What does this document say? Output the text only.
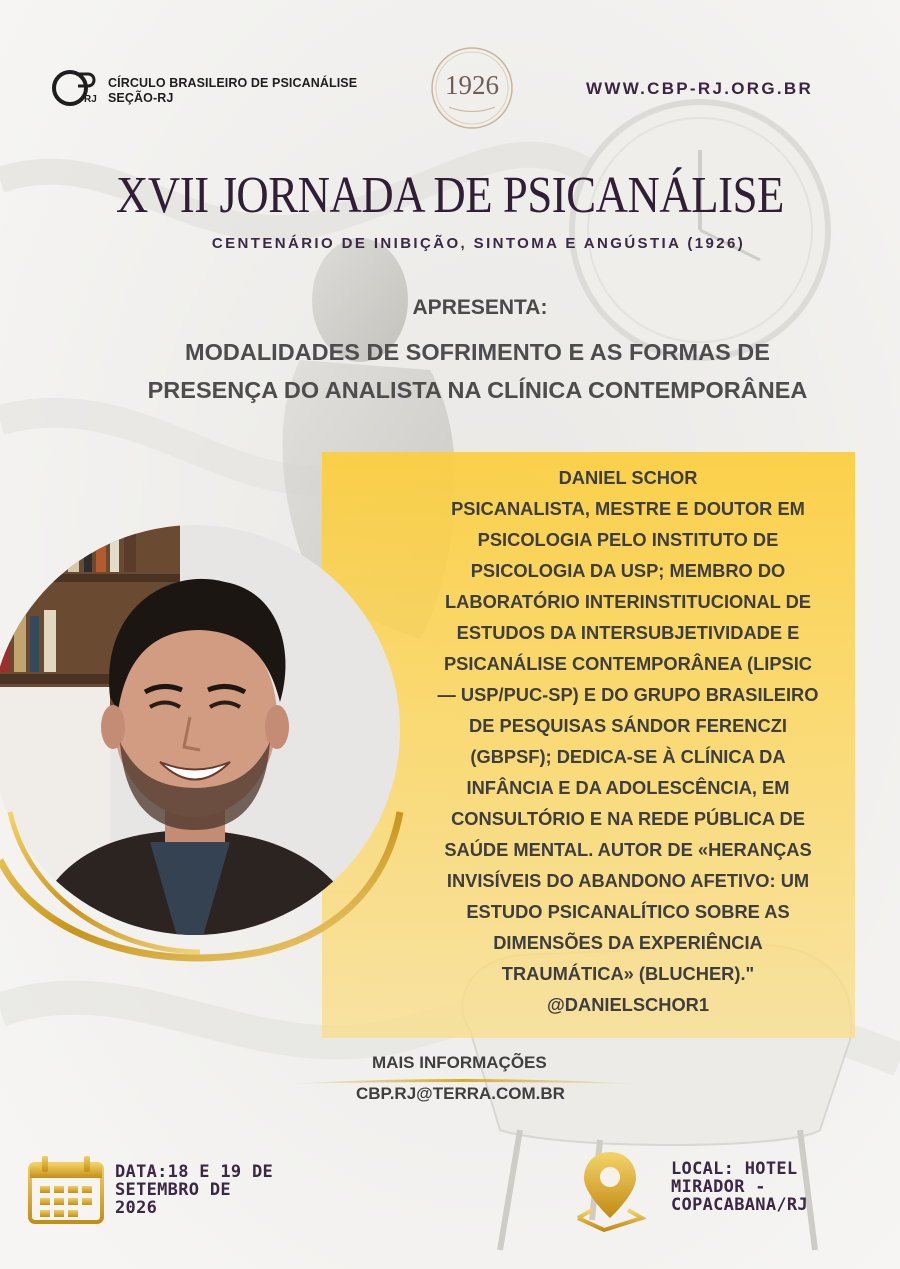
RJ
CÍRCULO BRASILEIRO DE PSICANÁLISE
SEÇÃO-RJ	1926	WWW.CBP-RJ.ORG.BR
XVII JORNADA DE PSICANÁLISE
CENTENÁRIO DE INIBIÇÃO, SINTOMA E ANGÚSTIA (1926)
APRESENTA:
MODALIDADES DE SOFRIMENTO E AS FORMAS DE
PRESENÇA DO ANALISTA NA CLÍNICA CONTEMPORÂNEA
DANIEL SCHOR
PSICANALISTA, MESTRE E DOUTOR EM
PSICOLOGIA PELO INSTITUTO DE
PSICOLOGIA DA USP; MEMBRO DO
LABORATÓRIO INTERINSTITUCIONAL DE
ESTUDOS DA INTERSUBJETIVIDADE E
PSICANÁLISE CONTEMPORÂNEA (LIPSIC
— USP/PUC-SP) E DO GRUPO BRASILEIRO
DE PESQUISAS SÁNDOR FERENCZI
(GBPSF); DEDICA-SE À CLÍNICA DA
INFÂNCIA E DA ADOLESCÊNCIA, EM
CONSULTÓRIO E NA REDE PÚBLICA DE
SAÚDE MENTAL. AUTOR DE «HERANÇAS
INVISÍVEIS DO ABANDONO AFETIVO: UM
ESTUDO PSICANALÍTICO SOBRE AS
DIMENSÕES DA EXPERIÊNCIA
TRAUMÁTICA» (BLUCHER)."
@DANIELSCHOR1
MAIS INFORMAÇÕES
CBP.RJ@TERRA.COM.BR
DATA:18 E 19 DE
SETEMBRO DE
2026
LOCAL: HOTEL
MIRADOR -
COPACABANA/RJ
